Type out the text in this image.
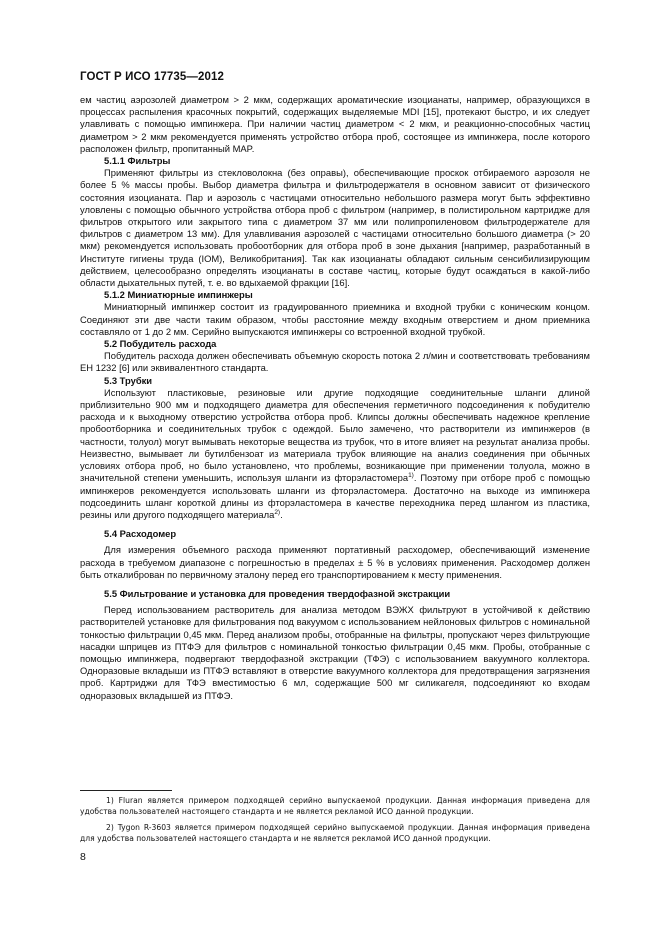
ГОСТ Р ИСО 17735—2012

ем частиц аэрозолей диаметром > 2 мкм, содержащих ароматические изоцианаты, например, образующихся в процессах распыления красочных покрытий, содержащих выделяемые MDI [15], протекают быстро, и их следует улавливать с помощью импинжера. При наличии частиц диаметром < 2 мкм, и реакционно-способных частиц диаметром > 2 мкм рекомендуется применять устройство отбора проб, состоящее из импинжера, после которого расположен фильтр, пропитанный MAP.

5.1.1 Фильтры

Применяют фильтры из стекловолокна (без оправы), обеспечивающие проскок отбираемого аэрозоля не более 5 % массы пробы. Выбор диаметра фильтра и фильтродержателя в основном зависит от физического состояния изоцианата. Пар и аэрозоль с частицами относительно небольшого размера могут быть эффективно уловлены с помощью обычного устройства отбора проб с фильтром (например, в полистирольном картридже для фильтров открытого или закрытого типа с диаметром 37 мм или полипропиленовом фильтродержателе для фильтров с диаметром 13 мм). Для улавливания аэрозолей с частицами относительно большого диаметра (> 20 мкм) рекомендуется использовать пробоотборник для отбора проб в зоне дыхания [например, разработанный в Институте гигиены труда (IOM), Великобритания]. Так как изоцианаты обладают сильным сенсибилизирующим действием, целесообразно определять изоцианаты в составе частиц, которые будут осаждаться в какой-либо области дыхательных путей, т. е. во вдыхаемой фракции [16].

5.1.2 Миниатюрные импинжеры

Миниатюрный импинжер состоит из градуированного приемника и входной трубки с коническим концом. Соединяют эти две части таким образом, чтобы расстояние между входным отверстием и дном приемника составляло от 1 до 2 мм. Серийно выпускаются импинжеры со встроенной входной трубкой.

5.2 Побудитель расхода

Побудитель расхода должен обеспечивать объемную скорость потока 2 л/мин и соответствовать требованиям ЕН 1232 [6] или эквивалентного стандарта.

5.3 Трубки

Используют пластиковые, резиновые или другие подходящие соединительные шланги длиной приблизительно 900 мм и подходящего диаметра для обеспечения герметичного подсоединения к побудителю расхода и к выходному отверстию устройства отбора проб. Клипсы должны обеспечивать надежное крепление пробоотборника и соединительных трубок с одеждой. Было замечено, что растворители из импинжеров (в частности, толуол) могут вымывать некоторые вещества из трубок, что в итоге влияет на результат анализа пробы. Неизвестно, вымывает ли бутилбензоат из материала трубок влияющие на анализ соединения при обычных условиях отбора проб, но было установлено, что проблемы, возникающие при применении толуола, можно в значительной степени уменьшить, используя шланги из фторэластомера$^{1)}$. Поэтому при отборе проб с помощью импинжеров рекомендуется использовать шланги из фторэластомера. Достаточно на выходе из импинжера подсоединить шланг короткой длины из фторэластомера в качестве переходника перед шлангом из пластика, резины или другого подходящего материала$^{2)}$.

5.4 Расходомер

Для измерения объемного расхода применяют портативный расходомер, обеспечивающий изменение расхода в требуемом диапазоне с погрешностью в пределах ± 5 % в условиях применения. Расходомер должен быть откалиброван по первичному эталону перед его транспортированием к месту применения.

5.5 Фильтрование и установка для проведения твердофазной экстракции

Перед использованием растворитель для анализа методом ВЭЖХ фильтруют в устойчивой к действию растворителей установке для фильтрования под вакуумом с использованием нейлоновых фильтров с номинальной тонкостью фильтрации 0,45 мкм. Перед анализом пробы, отобранные на фильтры, пропускают через фильтрующие насадки шприцев из ПТФЭ для фильтров с номинальной тонкостью фильтрации 0,45 мкм. Пробы, отобранные с помощью импинжера, подвергают твердофазной экстракции (ТФЭ) с использованием вакуумного коллектора. Одноразовые вкладыши из ПТФЭ вставляют в отверстие вакуумного коллектора для предотвращения загрязнения проб. Картриджи для ТФЭ вместимостью 6 мл, содержащие 500 мг силикагеля, подсоединяют ко входам одноразовых вкладышей из ПТФЭ.

1) Fluran является примером подходящей серийно выпускаемой продукции. Данная информация приведена для удобства пользователей настоящего стандарта и не является рекламой ИСО данной продукции.

2) Tygon R-3603 является примером подходящей серийно выпускаемой продукции. Данная информация приведена для удобства пользователей настоящего стандарта и не является рекламой ИСО данной продукции.

8
